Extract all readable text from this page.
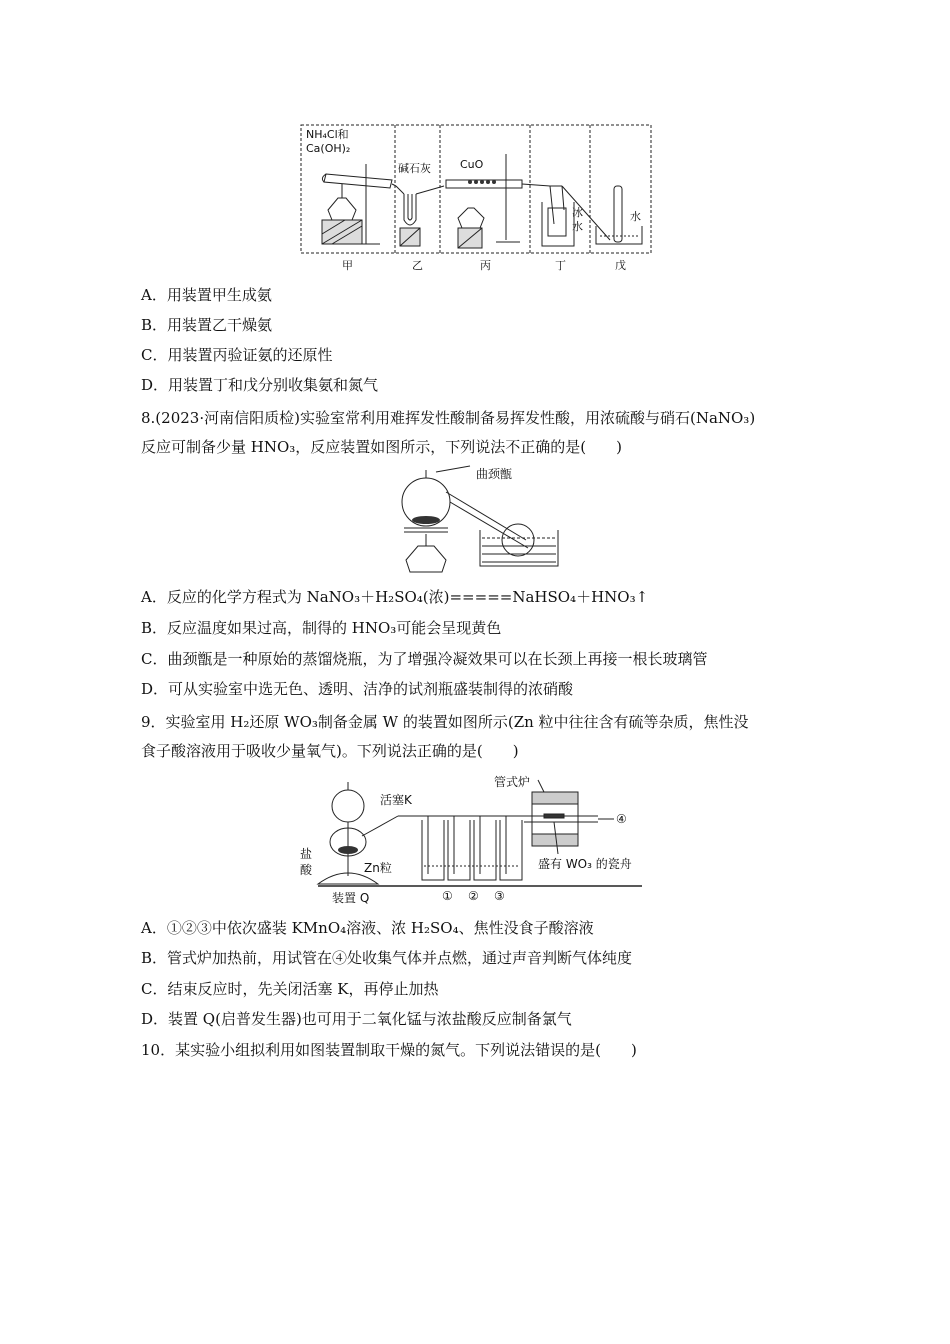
NH₄Cl和
Ca(OH)₂
碱石灰	CuO
冰
水
水
甲	乙	丙	丁	戊
A．用装置甲生成氨
B．用装置乙干燥氨
C．用装置丙验证氨的还原性
D．用装置丁和戊分别收集氨和氮气
8.(2023·河南信阳质检)实验室常利用难挥发性酸制备易挥发性酸，用浓硫酸与硝石(NaNO₃)
反应可制备少量 HNO₃，反应装置如图所示，下列说法不正确的是(　　)
曲颈甑
A．反应的化学方程式为 NaNO₃＋H₂SO₄(浓)=====NaHSO₄＋HNO₃↑
B．反应温度如果过高，制得的 HNO₃可能会呈现黄色
C．曲颈甑是一种原始的蒸馏烧瓶，为了增强冷凝效果可以在长颈上再接一根长玻璃管
D．可从实验室中选无色、透明、洁净的试剂瓶盛装制得的浓硝酸
9．实验室用 H₂还原 WO₃制备金属 W 的装置如图所示(Zn 粒中往往含有硫等杂质，焦性没
食子酸溶液用于吸收少量氧气)。下列说法正确的是(　　)
活塞K
管式炉
盐
酸	Zn粒
装置 Q
盛有 WO₃ 的瓷舟
① ② ③
④
A．①②③中依次盛装 KMnO₄溶液、浓 H₂SO₄、焦性没食子酸溶液
B．管式炉加热前，用试管在④处收集气体并点燃，通过声音判断气体纯度
C．结束反应时，先关闭活塞 K，再停止加热
D．装置 Q(启普发生器)也可用于二氧化锰与浓盐酸反应制备氯气
10．某实验小组拟利用如图装置制取干燥的氮气。下列说法错误的是(　　)
